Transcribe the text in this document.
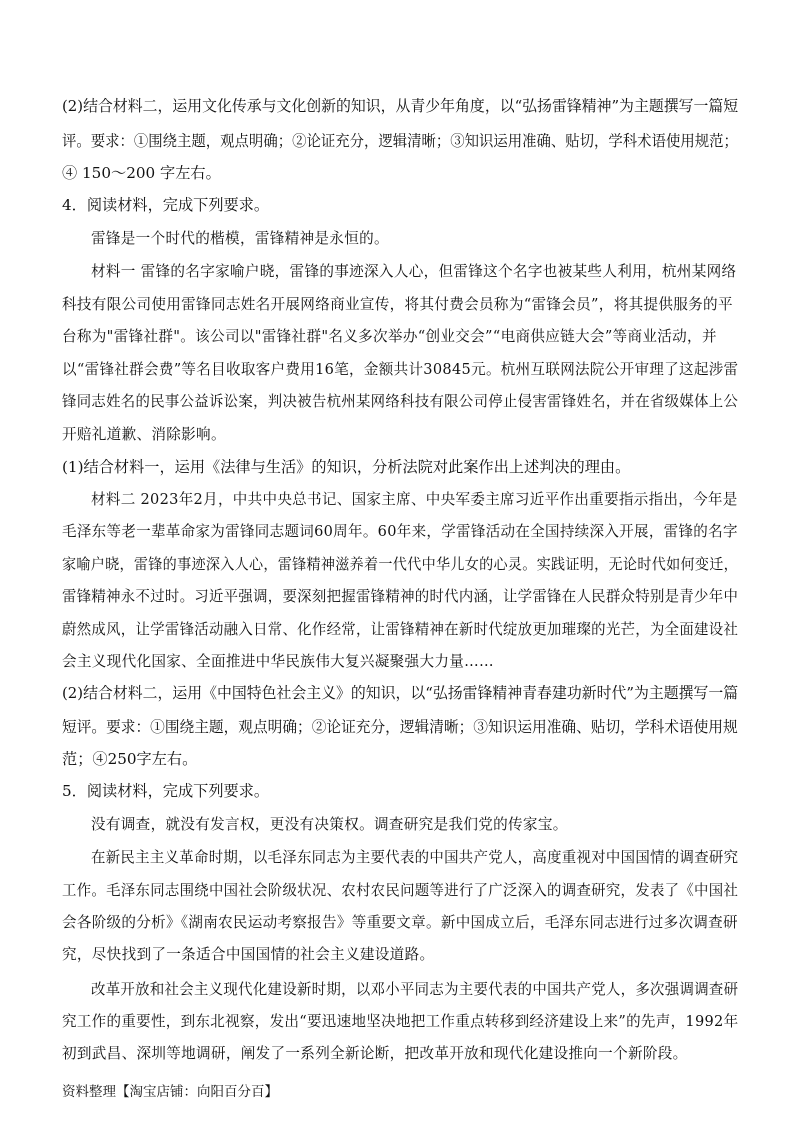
(2)结合材料二，运用文化传承与文化创新的知识，从青少年角度，以“弘扬雷锋精神”为主题撰写一篇短
评。要求：①围绕主题，观点明确；②论证充分，逻辑清晰；③知识运用准确、贴切，学科术语使用规范；
④ 150～200 字左右。
4．阅读材料，完成下列要求。
雷锋是一个时代的楷模，雷锋精神是永恒的。
材料一 雷锋的名字家喻户晓，雷锋的事迹深入人心，但雷锋这个名字也被某些人利用，杭州某网络
科技有限公司使用雷锋同志姓名开展网络商业宣传，将其付费会员称为“雷锋会员”，将其提供服务的平
台称为"雷锋社群"。该公司以"雷锋社群"名义多次举办“创业交会”“电商供应链大会”等商业活动，并
以“雷锋社群会费”等名目收取客户费用16笔，金额共计30845元。杭州互联网法院公开审理了这起涉雷
锋同志姓名的民事公益诉讼案，判决被告杭州某网络科技有限公司停止侵害雷锋姓名，并在省级媒体上公
开赔礼道歉、消除影响。
(1)结合材料一，运用《法律与生活》的知识，分析法院对此案作出上述判决的理由。
材料二 2023年2月，中共中央总书记、国家主席、中央军委主席习近平作出重要指示指出，今年是
毛泽东等老一辈革命家为雷锋同志题词60周年。60年来，学雷锋活动在全国持续深入开展，雷锋的名字
家喻户晓，雷锋的事迹深入人心，雷锋精神滋养着一代代中华儿女的心灵。实践证明，无论时代如何变迁，
雷锋精神永不过时。习近平强调，要深刻把握雷锋精神的时代内涵，让学雷锋在人民群众特别是青少年中
蔚然成风，让学雷锋活动融入日常、化作经常，让雷锋精神在新时代绽放更加璀璨的光芒，为全面建设社
会主义现代化国家、全面推进中华民族伟大复兴凝聚强大力量……
(2)结合材料二，运用《中国特色社会主义》的知识，以“弘扬雷锋精神青春建功新时代”为主题撰写一篇
短评。要求：①围绕主题，观点明确；②论证充分，逻辑清晰；③知识运用准确、贴切，学科术语使用规
范；④250字左右。
5．阅读材料，完成下列要求。
没有调查，就没有发言权，更没有决策权。调查研究是我们党的传家宝。
在新民主主义革命时期，以毛泽东同志为主要代表的中国共产党人，高度重视对中国国情的调查研究
工作。毛泽东同志围绕中国社会阶级状况、农村农民问题等进行了广泛深入的调查研究，发表了《中国社
会各阶级的分析》《湖南农民运动考察报告》等重要文章。新中国成立后，毛泽东同志进行过多次调查研
究，尽快找到了一条适合中国国情的社会主义建设道路。
改革开放和社会主义现代化建设新时期，以邓小平同志为主要代表的中国共产党人，多次强调调查研
究工作的重要性，到东北视察，发出“要迅速地坚决地把工作重点转移到经济建设上来”的先声，1992年
初到武昌、深圳等地调研，阐发了一系列全新论断，把改革开放和现代化建设推向一个新阶段。
资料整理【淘宝店铺：向阳百分百】
